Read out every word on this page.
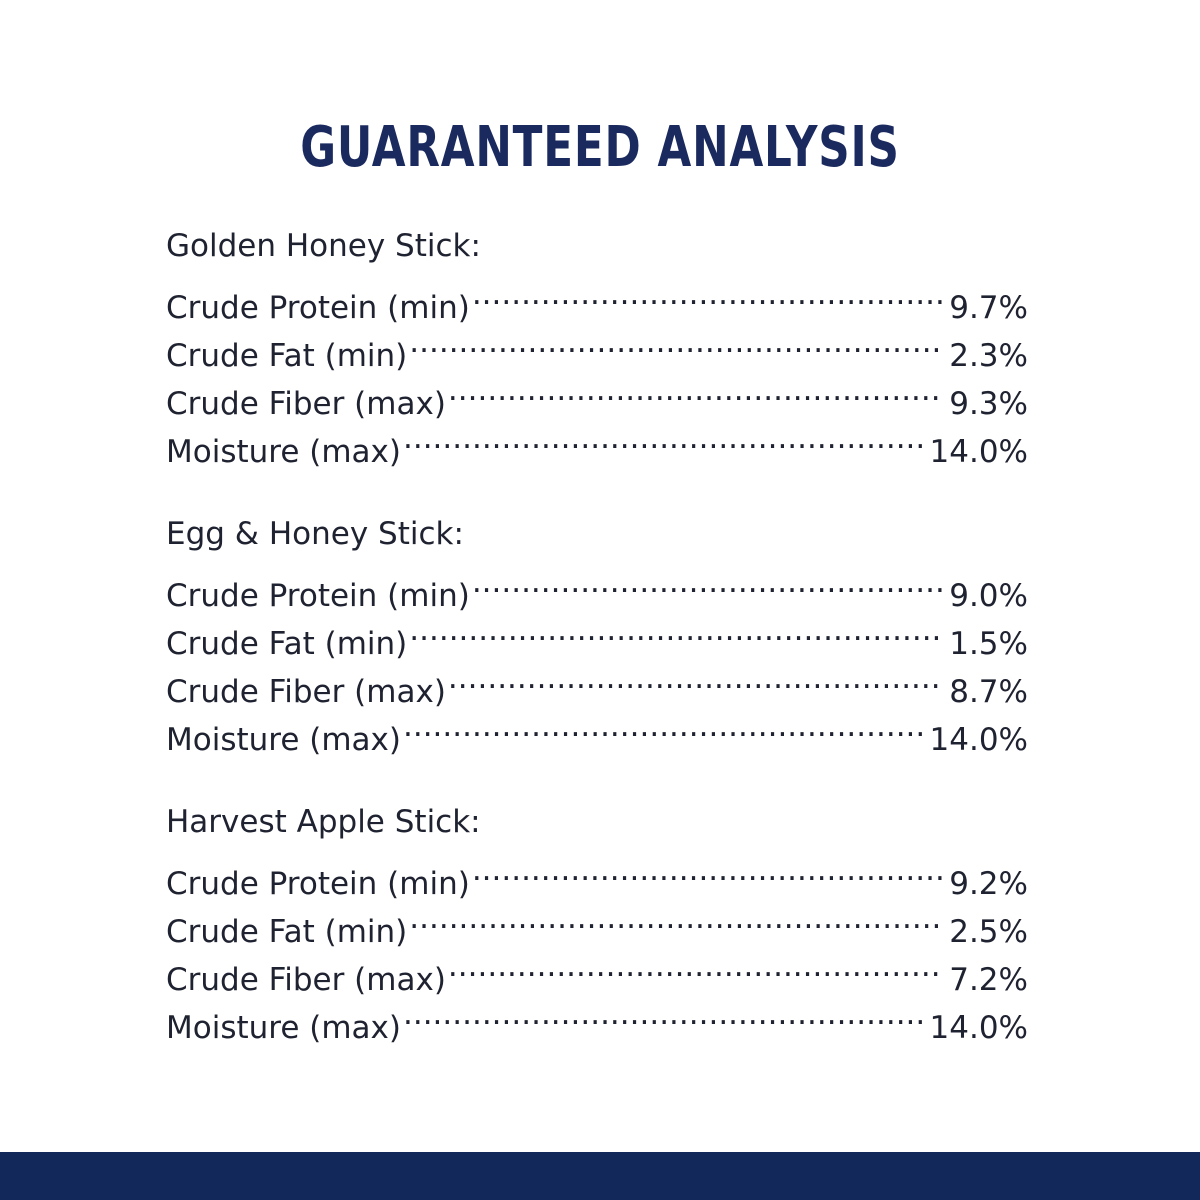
GUARANTEED ANALYSIS
Golden Honey Stick:
Crude Protein (min) .....	9.7%
Crude Fat (min) .....	2.3%
Crude Fiber (max) .....	9.3%
Moisture (max) .....	14.0%
Egg & Honey Stick:
Crude Protein (min) .....	9.0%
Crude Fat (min) .....	1.5%
Crude Fiber (max) .....	8.7%
Moisture (max) .....	14.0%
Harvest Apple Stick:
Crude Protein (min) .....	9.2%
Crude Fat (min) .....	2.5%
Crude Fiber (max) .....	7.2%
Moisture (max) .....	14.0%
